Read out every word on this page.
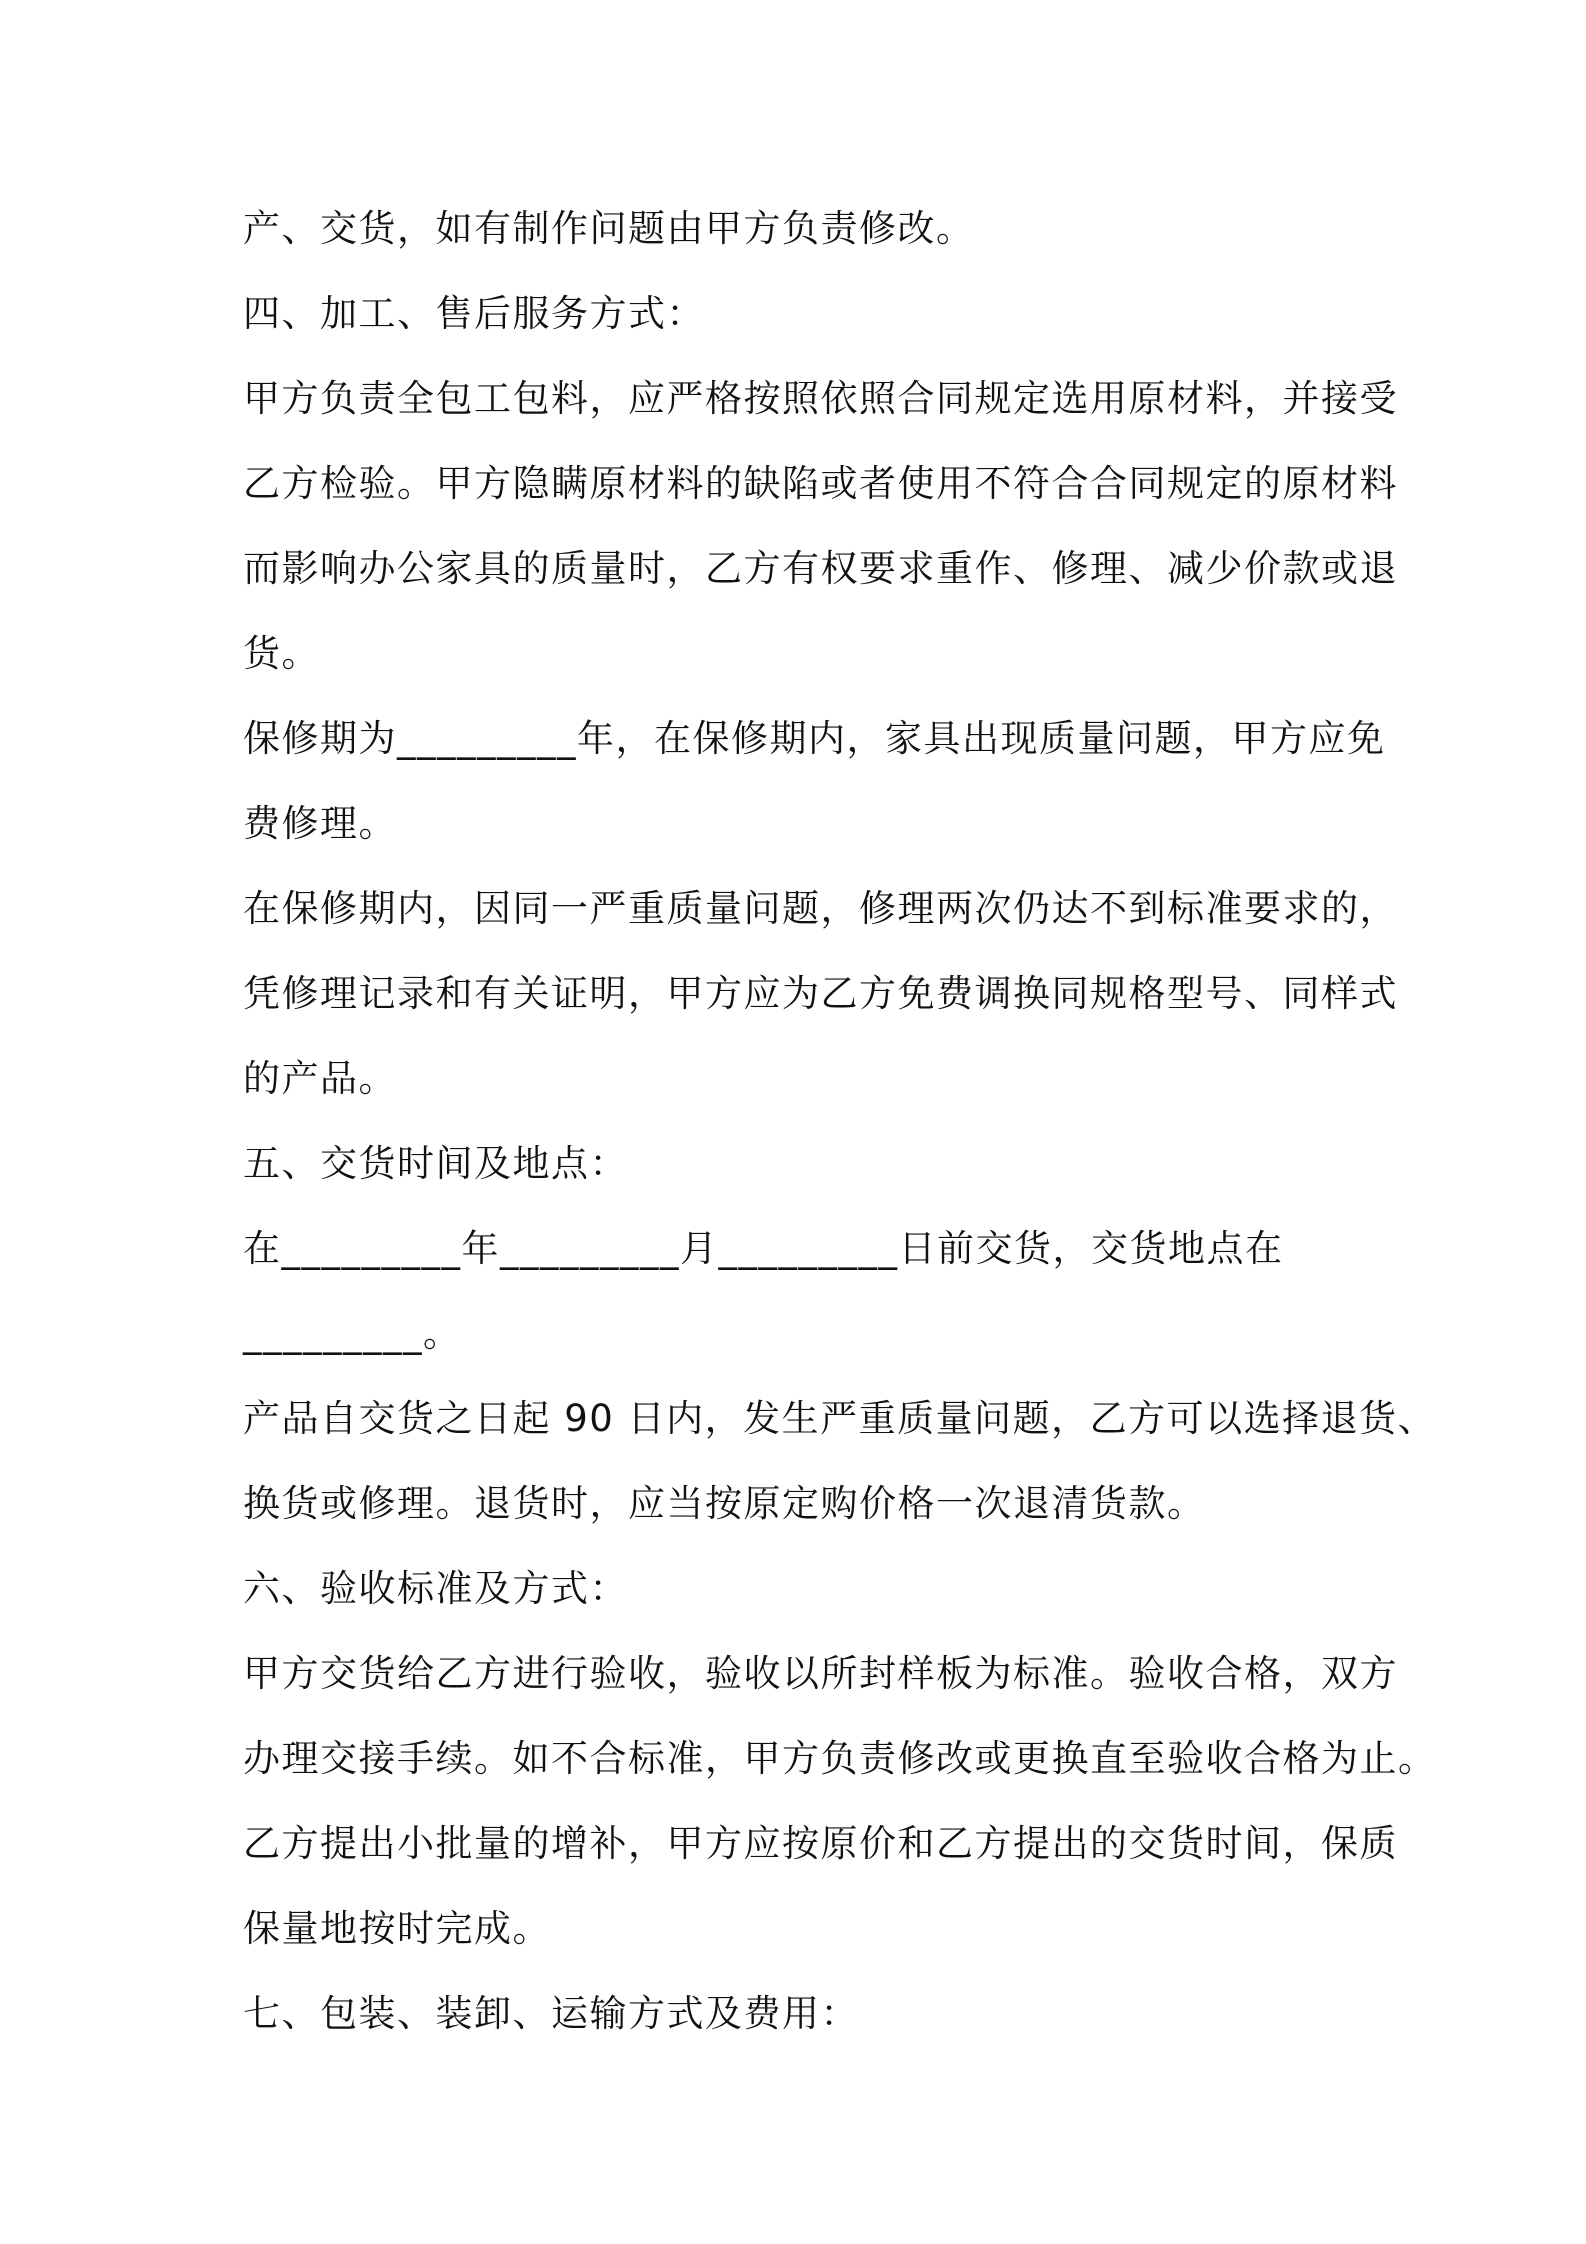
产、交货，如有制作问题由甲方负责修改。
四、加工、售后服务方式：
甲方负责全包工包料，应严格按照依照合同规定选用原材料，并接受
乙方检验。甲方隐瞒原材料的缺陷或者使用不符合合同规定的原材料
而影响办公家具的质量时，乙方有权要求重作、修理、减少价款或退
货。
保修期为_________年，在保修期内，家具出现质量问题，甲方应免
费修理。
在保修期内，因同一严重质量问题，修理两次仍达不到标准要求的，
凭修理记录和有关证明，甲方应为乙方免费调换同规格型号、同样式
的产品。
五、交货时间及地点：
在_________年_________月_________日前交货，交货地点在
_________。
产品自交货之日起 90 日内，发生严重质量问题，乙方可以选择退货、
换货或修理。退货时，应当按原定购价格一次退清货款。
六、验收标准及方式：
甲方交货给乙方进行验收，验收以所封样板为标准。验收合格，双方
办理交接手续。如不合标准，甲方负责修改或更换直至验收合格为止。
乙方提出小批量的增补，甲方应按原价和乙方提出的交货时间，保质
保量地按时完成。
七、包装、装卸、运输方式及费用：
